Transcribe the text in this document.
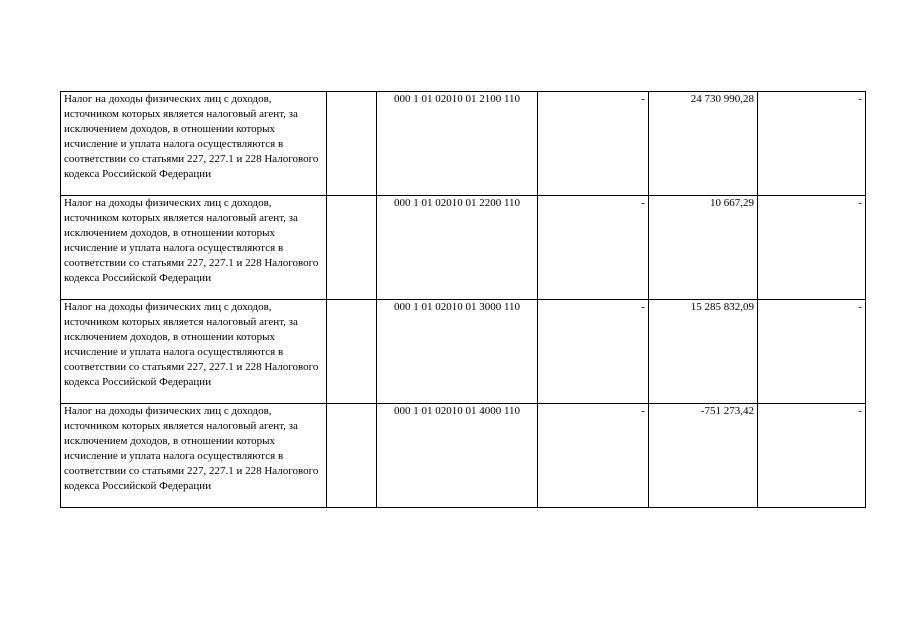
Налог на доходы физических лиц с доходов, источником которых является налоговый агент, за исключением доходов, в отношении которых исчисление и уплата налога осуществляются в соответствии со статьями 227, 227.1 и 228 Налогового кодекса Российской Федерации		000 1 01 02010 01 2100 110	-	24 730 990,28	-

Налог на доходы физических лиц с доходов, источником которых является налоговый агент, за исключением доходов, в отношении которых исчисление и уплата налога осуществляются в соответствии со статьями 227, 227.1 и 228 Налогового кодекса Российской Федерации		000 1 01 02010 01 2200 110	-	10 667,29	-

Налог на доходы физических лиц с доходов, источником которых является налоговый агент, за исключением доходов, в отношении которых исчисление и уплата налога осуществляются в соответствии со статьями 227, 227.1 и 228 Налогового кодекса Российской Федерации		000 1 01 02010 01 3000 110	-	15 285 832,09	-

Налог на доходы физических лиц с доходов, источником которых является налоговый агент, за исключением доходов, в отношении которых исчисление и уплата налога осуществляются в соответствии со статьями 227, 227.1 и 228 Налогового кодекса Российской Федерации		000 1 01 02010 01 4000 110	-	-751 273,42	-
